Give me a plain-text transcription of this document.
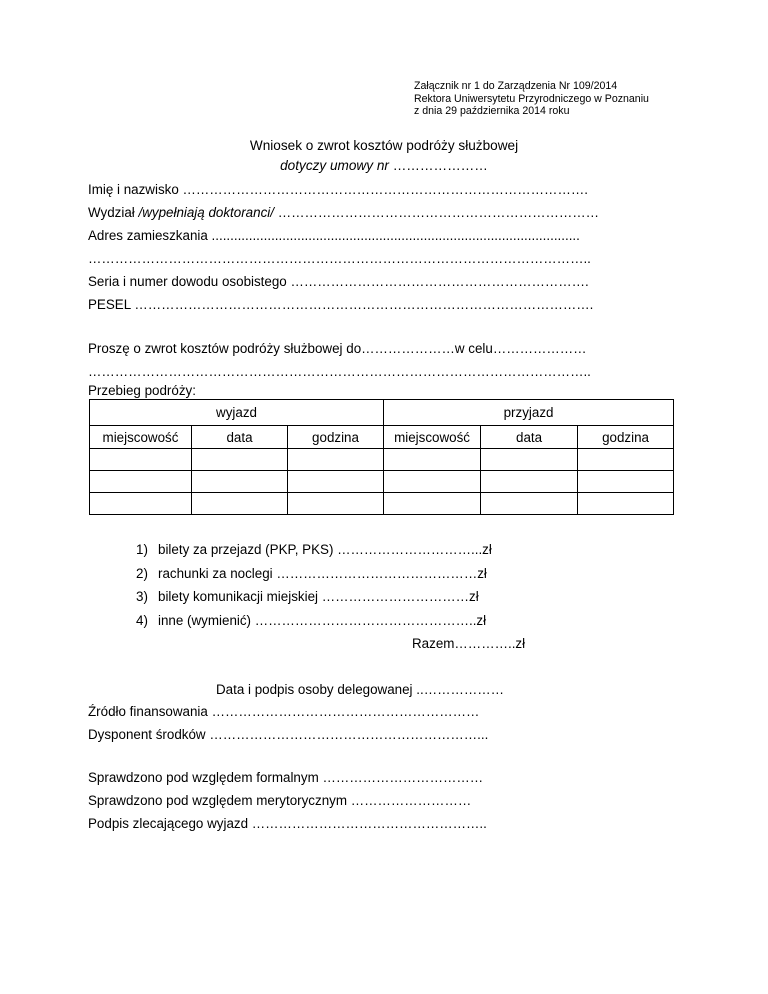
Załącznik nr 1 do Zarządzenia Nr 109/2014
Rektora Uniwersytetu Przyrodniczego w Poznaniu
z dnia 29 października 2014 roku
Wniosek o zwrot kosztów podróży służbowej
dotyczy umowy nr …………………
Imię i nazwisko ……………………………………………………………………………….
Wydział /wypełniają doktoranci/ ………………………………………………………………
Adres zamieszkania ...................................................................................................
…………………………………………………………………………………………………..
Seria i numer dowodu osobistego ………………………………………………………….
PESEL ………………………………………………………………………………………….
Proszę o zwrot kosztów podróży służbowej do…………………w celu…………………
…………………………………………………………………………………………………..
Przebieg podróży:
wyjazd			przyjazd		
miejscowość	data	godzina	miejscowość	data	godzina

1) bilety za przejazd (PKP, PKS) …………………………...zł
2) rachunki za noclegi ………………………………………zł
3) bilety komunikacji miejskiej ……………………………zł
4) inne (wymienić) …………………………………………..zł
Razem…………..zł
Data i podpis osoby delegowanej ..………………
Źródło finansowania ……………………………………………………
Dysponent środków ……………………………………………………...
Sprawdzono pod względem formalnym ………………………………
Sprawdzono pod względem merytorycznym ………………………
Podpis zlecającego wyjazd ……………………………………………..
